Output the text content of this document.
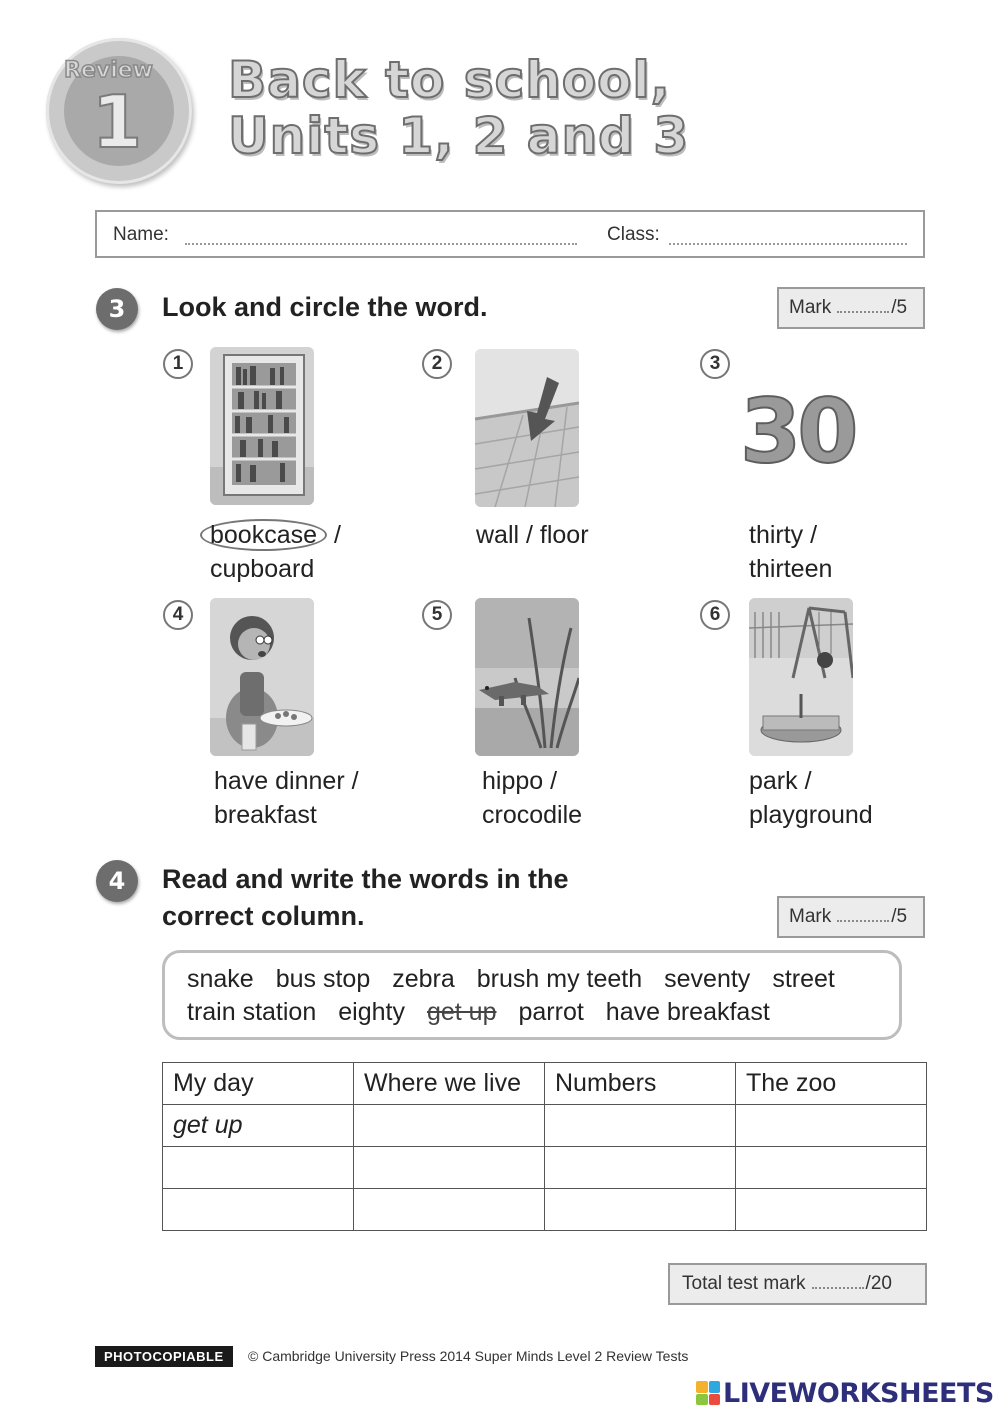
Review
1 Back to school,
Units 1, 2 and 3
Name:	Class:
3	Look and circle the word.	Mark	/5
1
bookcase /
cupboard
2
wall / floor
3
30
thirty /
thirteen
4
have dinner /
breakfast
5
hippo /
crocodile
6
park /
playground
4	Read and write the words in the
correct column.	Mark	/5
snake bus stop zebra brush my teeth seventy street
train station eighty get up parrot have breakfast
My day	Where we live	Numbers	The zoo
get up			

Total test mark	/20
PHOTOCOPIABLE	© Cambridge University Press 2014 Super Minds Level 2 Review Tests
LIVEWORKSHEETS
